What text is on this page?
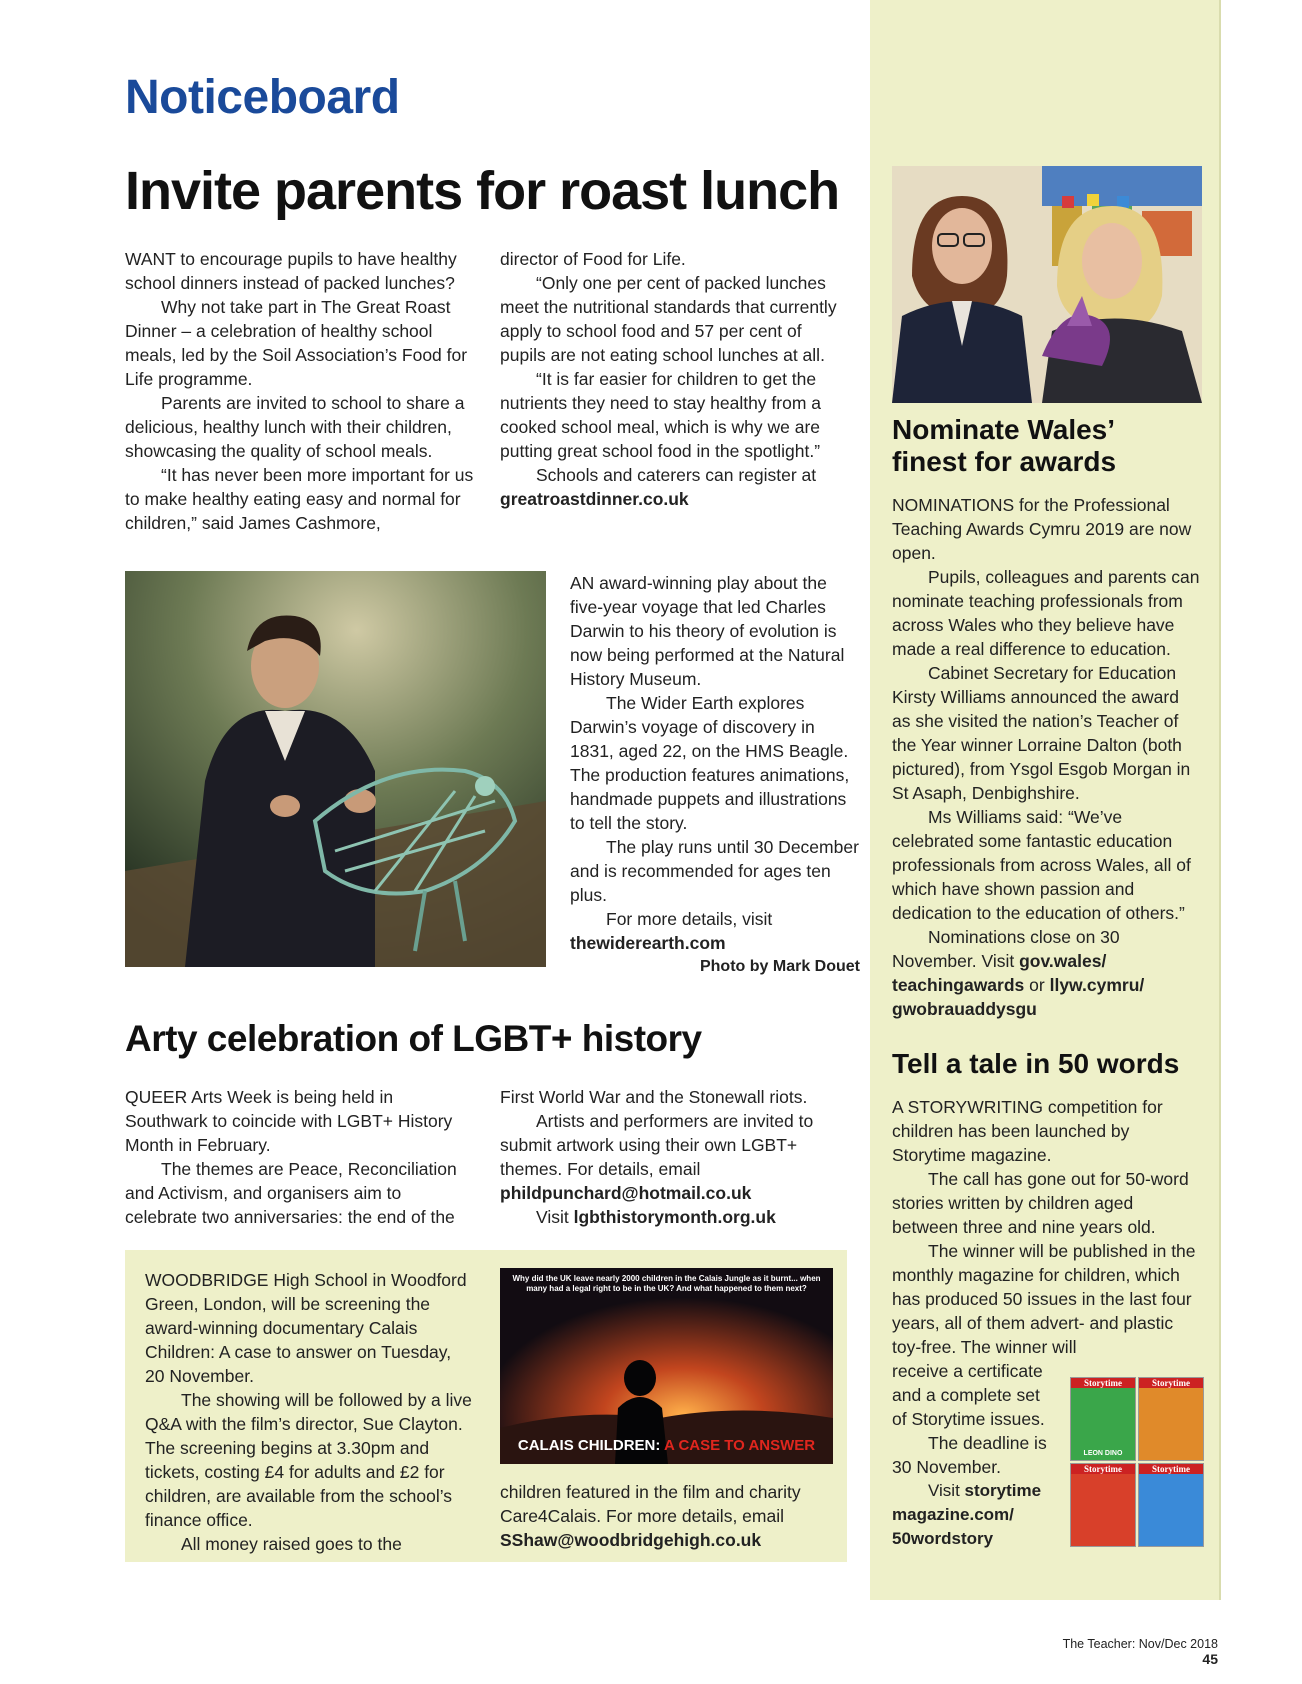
Noticeboard
Invite parents for roast lunch

WANT to encourage pupils to have healthy school dinners instead of packed lunches?

Why not take part in The Great Roast Dinner – a celebration of healthy school meals, led by the Soil Association’s Food for Life programme.

Parents are invited to school to share a delicious, healthy lunch with their children, showcasing the quality of school meals.

“It has never been more important for us to make healthy eating easy and normal for children,” said James Cashmore,

director of Food for Life.

“Only one per cent of packed lunches meet the nutritional standards that currently apply to school food and 57 per cent of pupils are not eating school lunches at all.

“It is far easier for children to get the nutrients they need to stay healthy from a cooked school meal, which is why we are putting great school food in the spotlight.”

Schools and caterers can register at

greatroastdinner.co.uk

AN award-winning play about the five-year voyage that led Charles Darwin to his theory of evolution is now being performed at the Natural History Museum.

The Wider Earth explores Darwin’s voyage of discovery in 1831, aged 22, on the HMS Beagle. The production features animations, handmade puppets and illustrations to tell the story.

The play runs until 30 December and is recommended for ages ten plus.

For more details, visit

thewiderearth.com

Photo by Mark Douet

Arty celebration of LGBT+ history

QUEER Arts Week is being held in Southwark to coincide with LGBT+ History Month in February.

The themes are Peace, Reconciliation and Activism, and organisers aim to celebrate two anniversaries: the end of the

First World War and the Stonewall riots.

Artists and performers are invited to submit artwork using their own LGBT+ themes. For details, email

phildpunchard@hotmail.co.uk

Visit lgbthistorymonth.org.uk

WOODBRIDGE High School in Woodford Green, London, will be screening the award-winning documentary Calais Children: A case to answer on Tuesday, 20 November.

The showing will be followed by a live Q&A with the film’s director, Sue Clayton. The screening begins at 3.30pm and tickets, costing £4 for adults and £2 for children, are available from the school’s finance office.

All money raised goes to the

Why did the UK leave nearly 2000 children in the Calais Jungle as it burnt... when many had a legal right to be in the UK? And what happened to them next?
CALAIS CHILDREN: A CASE TO ANSWER

children featured in the film and charity Care4Calais. For more details, email

SShaw@woodbridgehigh.co.uk

Nominate Wales’ finest for awards

NOMINATIONS for the Professional Teaching Awards Cymru 2019 are now open.

Pupils, colleagues and parents can nominate teaching professionals from across Wales who they believe have made a real difference to education.

Cabinet Secretary for Education Kirsty Williams announced the award as she visited the nation’s Teacher of the Year winner Lorraine Dalton (both pictured), from Ysgol Esgob Morgan in St Asaph, Denbighshire.

Ms Williams said: “We’ve celebrated some fantastic education professionals from across Wales, all of which have shown passion and dedication to the education of others.”

Nominations close on 30 November. Visit gov.wales/ teachingawards or llyw.cymru/ gwobrauaddysgu

Tell a tale in 50 words

A STORYWRITING competition for children has been launched by Storytime magazine.

The call has gone out for 50-word stories written by children aged between three and nine years old.

The winner will be published in the monthly magazine for children, which has produced 50 issues in the last four years, all of them advert- and plastic toy-free. The winner will

receive a certificate and a complete set of Storytime issues.

The deadline is 30 November.

Visit storytime magazine.com/ 50wordstory

Storytime
LEON DINO
Storytime
Storytime	Storytime
The Teacher: Nov/Dec 2018 45
